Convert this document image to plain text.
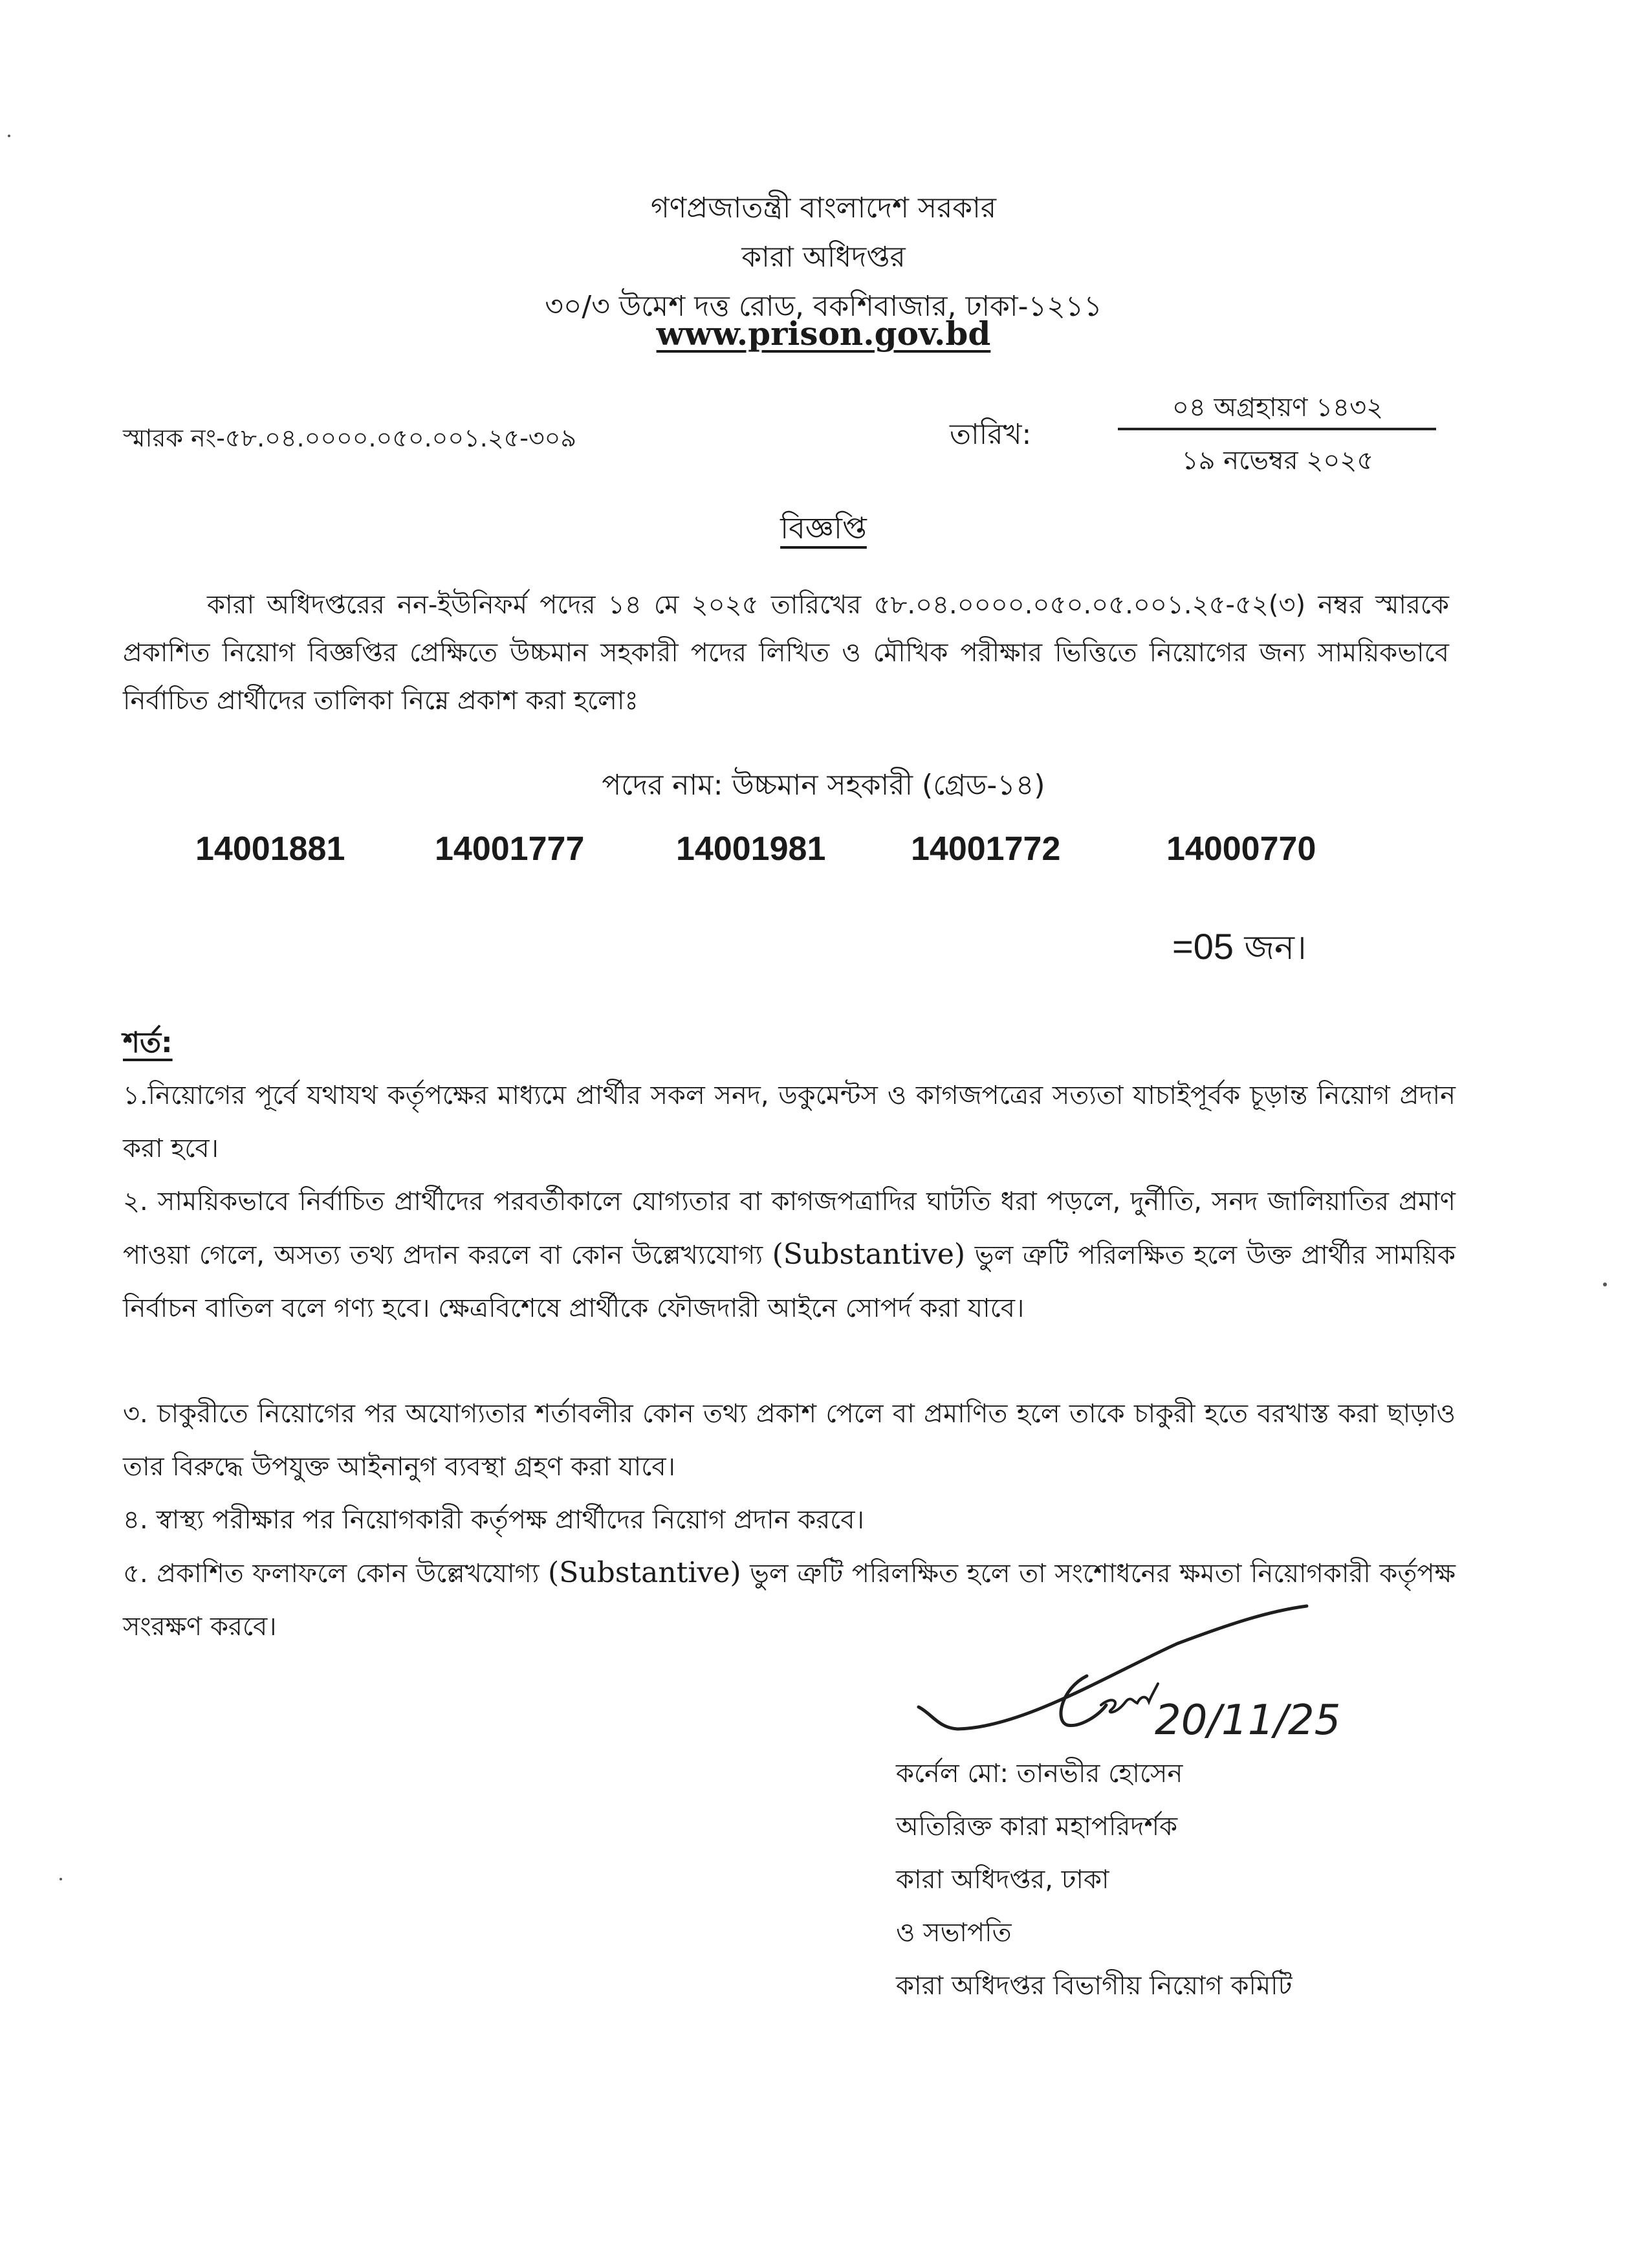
গণপ্রজাতন্ত্রী বাংলাদেশ সরকার
কারা অধিদপ্তর
৩০/৩ উমেশ দত্ত রোড, বকশিবাজার, ঢাকা-১২১১
www.prison.gov.bd
স্মারক নং-৫৮.০৪.০০০০.০৫০.০০১.২৫-৩০৯	তারিখ:
০৪ অগ্রহায়ণ ১৪৩২
১৯ নভেম্বর ২০২৫
বিজ্ঞপ্তি
কারা অধিদপ্তরের নন-ইউনিফর্ম পদের ১৪ মে ২০২৫ তারিখের ৫৮.০৪.০০০০.০৫০.০৫.০০১.২৫-৫২(৩) নম্বর স্মারকে প্রকাশিত নিয়োগ বিজ্ঞপ্তির প্রেক্ষিতে উচ্চমান সহকারী পদের লিখিত ও মৌখিক পরীক্ষার ভিত্তিতে নিয়োগের জন্য সাময়িকভাবে নির্বাচিত প্রার্থীদের তালিকা নিম্নে প্রকাশ করা হলোঃ
পদের নাম: উচ্চমান সহকারী (গ্রেড-১৪)
14001881	14001777	14001981	14001772	14000770
=05 জন।
শর্ত:
১.নিয়োগের পূর্বে যথাযথ কর্তৃপক্ষের মাধ্যমে প্রার্থীর সকল সনদ, ডকুমেন্টস ও কাগজপত্রের সত্যতা যাচাইপূর্বক চূড়ান্ত নিয়োগ প্রদান করা হবে।
২. সাময়িকভাবে নির্বাচিত প্রার্থীদের পরবর্তীকালে যোগ্যতার বা কাগজপত্রাদির ঘাটতি ধরা পড়লে, দুর্নীতি, সনদ জালিয়াতির প্রমাণ পাওয়া গেলে, অসত্য তথ্য প্রদান করলে বা কোন উল্লেখ্যযোগ্য (Substantive) ভুল ত্রুটি পরিলক্ষিত হলে উক্ত প্রার্থীর সাময়িক নির্বাচন বাতিল বলে গণ্য হবে। ক্ষেত্রবিশেষে প্রার্থীকে ফৌজদারী আইনে সোপর্দ করা যাবে।
৩. চাকুরীতে নিয়োগের পর অযোগ্যতার শর্তাবলীর কোন তথ্য প্রকাশ পেলে বা প্রমাণিত হলে তাকে চাকুরী হতে বরখাস্ত করা ছাড়াও তার বিরুদ্ধে উপযুক্ত আইনানুগ ব্যবস্থা গ্রহণ করা যাবে।
৪. স্বাস্থ্য পরীক্ষার পর নিয়োগকারী কর্তৃপক্ষ প্রার্থীদের নিয়োগ প্রদান করবে।
৫. প্রকাশিত ফলাফলে কোন উল্লেখযোগ্য (Substantive) ভুল ত্রুটি পরিলক্ষিত হলে তা সংশোধনের ক্ষমতা নিয়োগকারী কর্তৃপক্ষ সংরক্ষণ করবে।
20/11/25
কর্নেল মো: তানভীর হোসেন
অতিরিক্ত কারা মহাপরিদর্শক
কারা অধিদপ্তর, ঢাকা
ও সভাপতি
কারা অধিদপ্তর বিভাগীয় নিয়োগ কমিটি
